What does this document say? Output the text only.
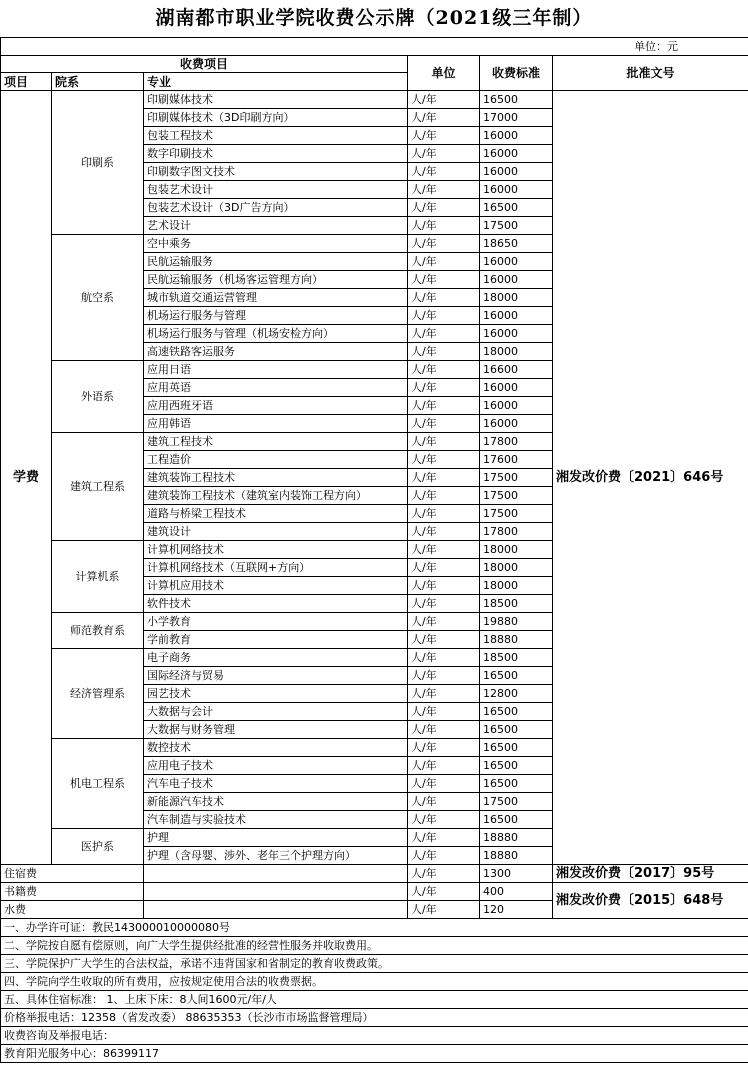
湖南都市职业学院收费公示牌（2021级三年制）
单位：元					
收费项目			单位	收费标准	批准文号
项目	院系	专业			
学费	印刷系	印刷媒体技术	人/年	16500	湘发改价费〔2021〕646号
		印刷媒体技术（3D印刷方向）	人/年	17000	
		包装工程技术	人/年	16000	
		数字印刷技术	人/年	16000	
		印刷数字图文技术	人/年	16000	
		包装艺术设计	人/年	16000	
		包装艺术设计（3D广告方向）	人/年	16500	
		艺术设计	人/年	17500	
	航空系	空中乘务	人/年	18650	
		民航运输服务	人/年	16000	
		民航运输服务（机场客运管理方向）	人/年	16000	
		城市轨道交通运营管理	人/年	18000	
		机场运行服务与管理	人/年	16000	
		机场运行服务与管理（机场安检方向）	人/年	16000	
		高速铁路客运服务	人/年	18000	
	外语系	应用日语	人/年	16600	
		应用英语	人/年	16000	
		应用西班牙语	人/年	16000	
		应用韩语	人/年	16000	
	建筑工程系	建筑工程技术	人/年	17800	
		工程造价	人/年	17600	
		建筑装饰工程技术	人/年	17500	
		建筑装饰工程技术（建筑室内装饰工程方向）	人/年	17500	
		道路与桥梁工程技术	人/年	17500	
		建筑设计	人/年	17800	
	计算机系	计算机网络技术	人/年	18000	
		计算机网络技术（互联网+方向）	人/年	18000	
		计算机应用技术	人/年	18000	
		软件技术	人/年	18500	
	师范教育系	小学教育	人/年	19880	
		学前教育	人/年	18880	
	经济管理系	电子商务	人/年	18500	
		国际经济与贸易	人/年	16500	
		园艺技术	人/年	12800	
		大数据与会计	人/年	16500	
		大数据与财务管理	人/年	16500	
	机电工程系	数控技术	人/年	16500	
		应用电子技术	人/年	16500	
		汽车电子技术	人/年	16500	
		新能源汽车技术	人/年	17500	
		汽车制造与实验技术	人/年	16500	
	医护系	护理	人/年	18880	
		护理（含母婴、涉外、老年三个护理方向）	人/年	18880	
住宿费			人/年	1300	湘发改价费〔2017〕95号
书籍费			人/年	400	湘发改价费〔2015〕648号
水费			人/年	120	
一、办学许可证：教民143000010000080号					
二、学院按自愿有偿原则，向广大学生提供经批准的经营性服务并收取费用。					
三、学院保护广大学生的合法权益，承诺不违背国家和省制定的教育收费政策。					
四、学院向学生收取的所有费用，应按规定使用合法的收费票据。					
五、具体住宿标准： 1、上床下床：8人间1600元/年/人					
价格举报电话：12358（省发改委） 88635353（长沙市市场监督管理局）					
收费咨询及举报电话：					
教育阳光服务中心：86399117					
